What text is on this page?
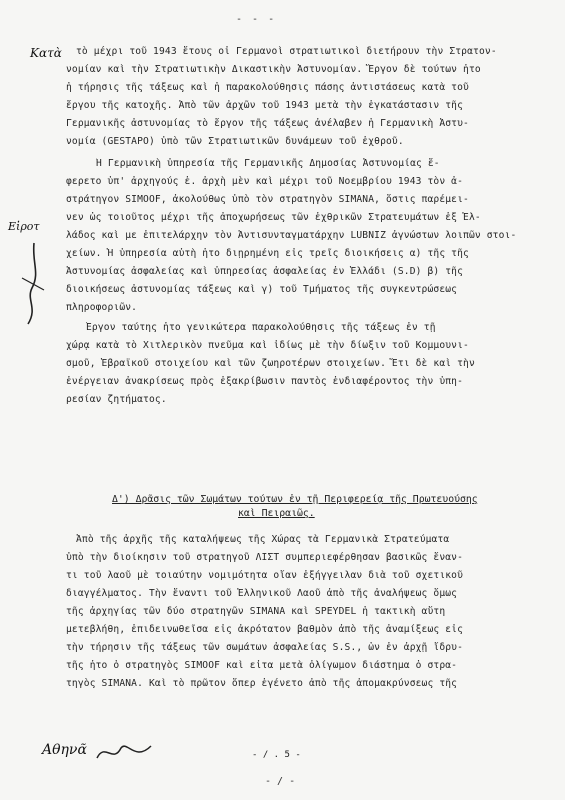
- - -
Κατὰ
Εἰροτ
τὸ μέχρι τοῦ 1943 ἔτους οἱ Γερμανοὶ στρατιωτικοὶ διετήρουν τὴν Στρατον-
νομίαν καὶ τὴν Στρατιωτικὴν Δικαστικὴν Ἀστυνομίαν. Ἔργον δὲ τούτων ἦτο
ἡ τήρησις τῆς τάξεως καὶ ἡ παρακολούθησις πάσης ἀντιστάσεως κατὰ τοῦ
ἔργου τῆς κατοχῆς. Ἀπὸ τῶν ἀρχῶν τοῦ 1943 μετὰ τὴν ἐγκατάστασιν τῆς
Γερμανικῆς ἀστυνομίας τὸ ἔργον τῆς τάξεως ἀνέλαβεν ἡ Γερμανικὴ Ἀστυ-
νομία (GESTAPO) ὑπὸ τῶν Στρατιωτικῶν δυνάμεων τοῦ ἐχθροῦ.
Ἡ Γερμανικὴ ὑπηρεσία τῆς Γερμανικῆς Δημοσίας Ἀστυνομίας ἔ-
φερετο ὑπ' ἀρχηγούς ἐ. ἀρχὴ μὲν καὶ μέχρι τοῦ Νοεμβρίου 1943 τὸν ἀ-
στράτηγον SIMOOF, ἀκολούθως ὑπὸ τὸν στρατηγὸν SIMANA, ὅστις παρέμει-
νεν ὡς τοιοῦτος μέχρι τῆς ἀποχωρήσεως τῶν ἐχθρικῶν Στρατευμάτων ἐξ Ἑλ-
λάδος καὶ με ἐπιτελάρχην τὸν Ἀντισυνταγματάρχην LUBNIZ ἀγνώστων λοιπῶν στοι-
χείων. Ἡ ὑπηρεσία αὐτὴ ἦτο διῃρημένη εἰς τρεῖς διοικήσεις α) τῆς τῆς
Ἀστυνομίας ἀσφαλείας καὶ ὑπηρεσίας ἀσφαλείας ἐν Ἑλλάδι (S.D) β) τῆς
διοικήσεως ἀστυνομίας τάξεως καὶ γ) τοῦ Τμήματος τῆς συγκεντρώσεως
πληροφοριῶν.
Ἔργον ταύτης ἦτο γενικώτερα παρακολούθησις τῆς τάξεως ἐν τῇ
χώρᾳ κατὰ τὸ Χιτλερικὸν πνεῦμα καὶ ἰδίως μὲ τὴν δίωξιν τοῦ Κομμουνι-
σμοῦ, Ἑβραϊκοῦ στοιχείου καὶ τῶν ζωηροτέρων στοιχείων. Ἔτι δὲ καὶ τὴν
ἐνέργειαν ἀνακρίσεως πρὸς ἐξακρίβωσιν παντὸς ἐνδιαφέροντος τὴν ὑπη-
ρεσίαν ζητήματος.
Δ') Δρᾶσις τῶν Σωμάτων τούτων ἐν τῇ Περιφερείᾳ τῆς Πρωτευούσης
καὶ Πειραιῶς.
Ἀπὸ τῆς ἀρχῆς τῆς καταλήψεως τῆς Χώρας τὰ Γερμανικὰ Στρατεύματα
ὑπὸ τὴν διοίκησιν τοῦ στρατηγοῦ ΛΙΣΤ συμπεριεφέρθησαν βασικῶς ἔναν-
τι τοῦ λαοῦ μὲ τοιαύτην νομιμότητα οἵαν ἐξήγγειλαν διὰ τοῦ σχετικοῦ
διαγγέλματος. Τὴν ἔναντι τοῦ Ἑλληνικοῦ Λαοῦ ἀπὸ τῆς ἀναλήψεως ὅμως
τῆς ἀρχηγίας τῶν δύο στρατηγῶν SIMANA καὶ SPEYDEL ἡ τακτικὴ αὕτη
μετεβλήθη, ἐπιδεινωθεῖσα εἰς ἀκρότατον βαθμὸν ἀπὸ τῆς ἀναμίξεως εἰς
τὴν τήρησιν τῆς τάξεως τῶν σωμάτων ἀσφαλείας S.S., ὧν ἐν ἀρχῇ ἴδρυ-
τῆς ἦτο ὁ στρατηγὸς SIMOOF καὶ εἶτα μετὰ ὀλίγωμον διάστημα ὁ στρα-
τηγὸς SIMANA. Καὶ τὸ πρῶτον ὅπερ ἐγένετο ἀπὸ τῆς ἀπομακρύνσεως τῆς
- / . 5 -
Αθηνᾶ
- / -
